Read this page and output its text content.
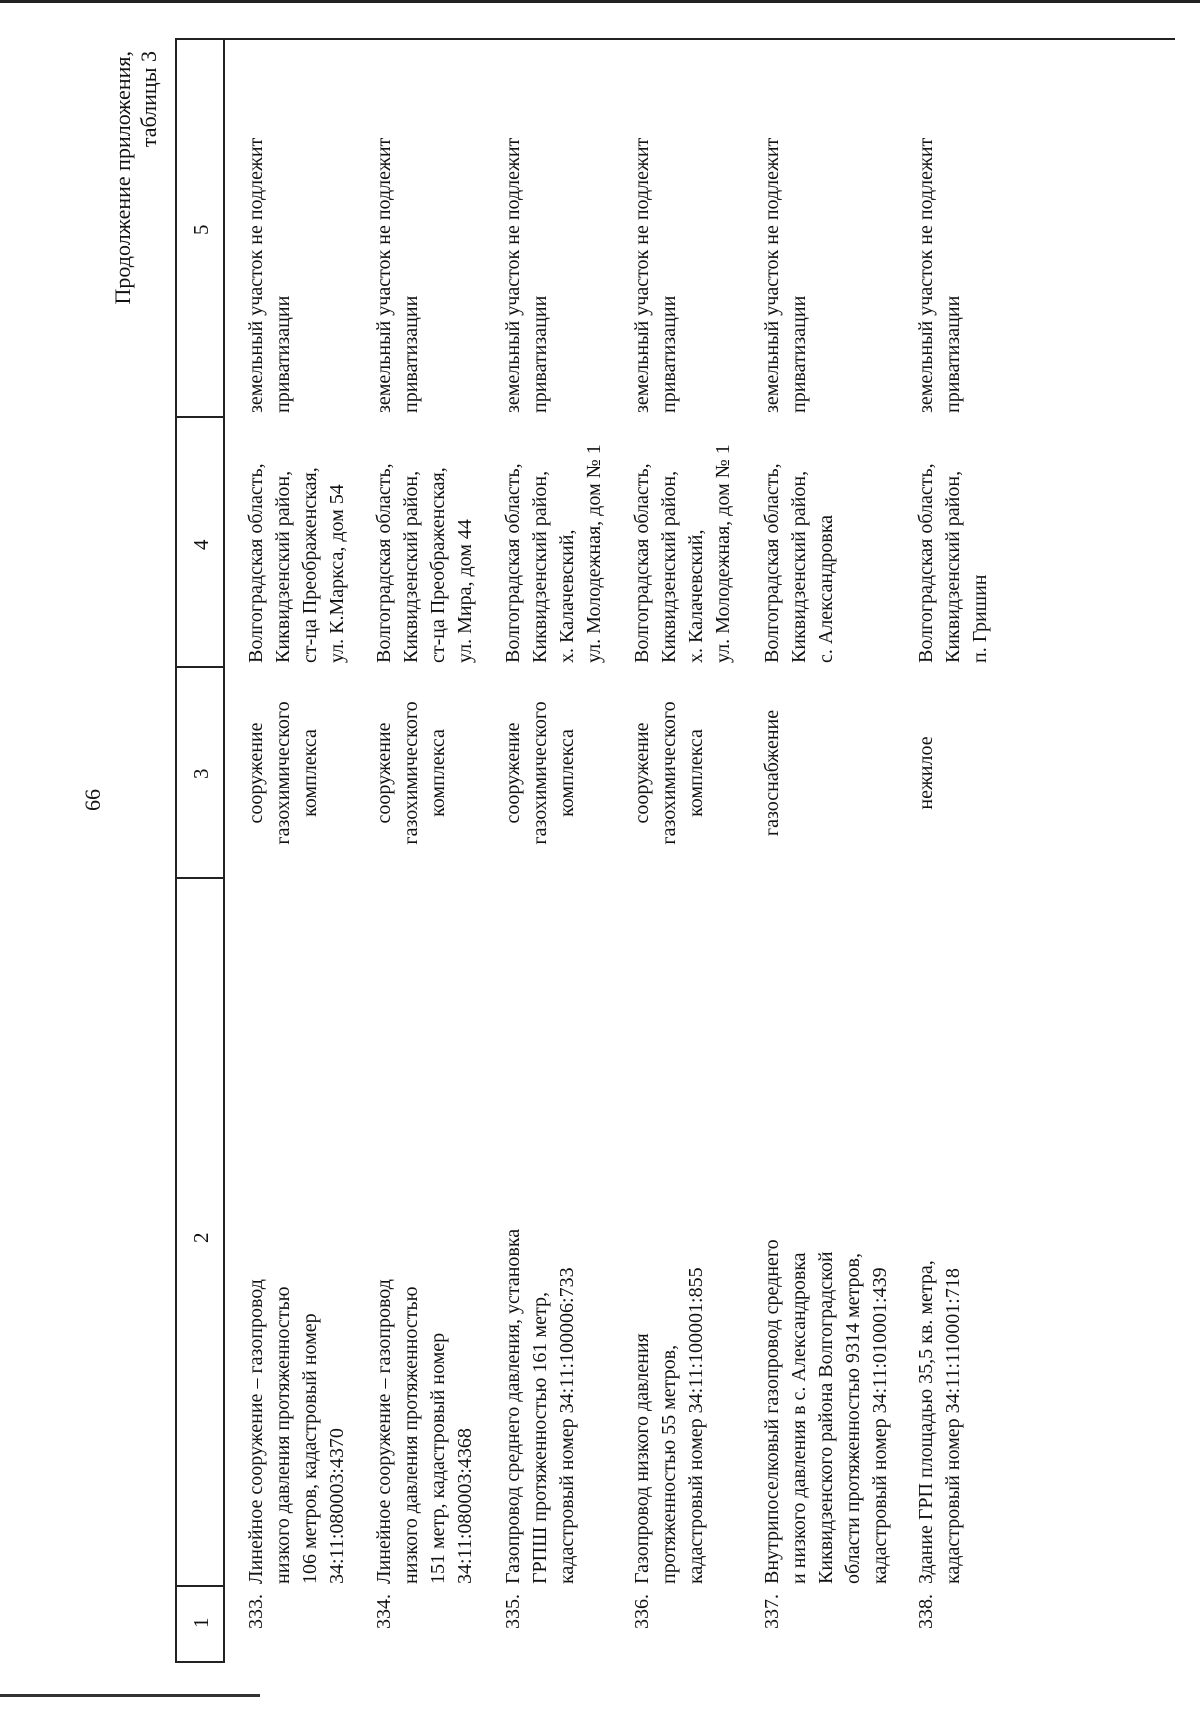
66
Продолжение приложения, таблицы 3
1
2
3
4
5
333.
Линейное сооружение – газопровод
низкого давления протяженностью
106 метров, кадастровый номер
34:11:080003:4370
сооружение
газохимического
комплекса
Волгоградская область,
Киквидзенский район,
ст-ца Преображенская,
ул. К.Маркса, дом 54
земельный участок не подлежит
приватизации
334.
Линейное сооружение – газопровод
низкого давления протяженностью
151 метр, кадастровый номер
34:11:080003:4368
сооружение
газохимического
комплекса
Волгоградская область,
Киквидзенский район,
ст-ца Преображенская,
ул. Мира, дом 44
земельный участок не подлежит
приватизации
335.
Газопровод среднего давления, установка
ГРПШ протяженностью 161 метр,
кадастровый номер 34:11:100006:733
сооружение
газохимического
комплекса
Волгоградская область,
Киквидзенский район,
х. Калачевский,
ул. Молодежная, дом № 1
земельный участок не подлежит
приватизации
336.
Газопровод низкого давления
протяженностью 55 метров,
кадастровый номер 34:11:100001:855
сооружение
газохимического
комплекса
Волгоградская область,
Киквидзенский район,
х. Калачевский,
ул. Молодежная, дом № 1
земельный участок не подлежит
приватизации
337.
Внутрипоселковый газопровод среднего
и низкого давления в с. Александровка
Киквидзенского района Волгоградской
области протяженностью 9314 метров,
кадастровый номер 34:11:010001:439
газоснабжение
Волгоградская область,
Киквидзенский район,
с. Александровка
земельный участок не подлежит
приватизации
338.
Здание ГРП площадью 35,5 кв. метра,
кадастровый номер 34:11:110001:718
нежилое
Волгоградская область,
Киквидзенский район,
п. Гришин
земельный участок не подлежит
приватизации
